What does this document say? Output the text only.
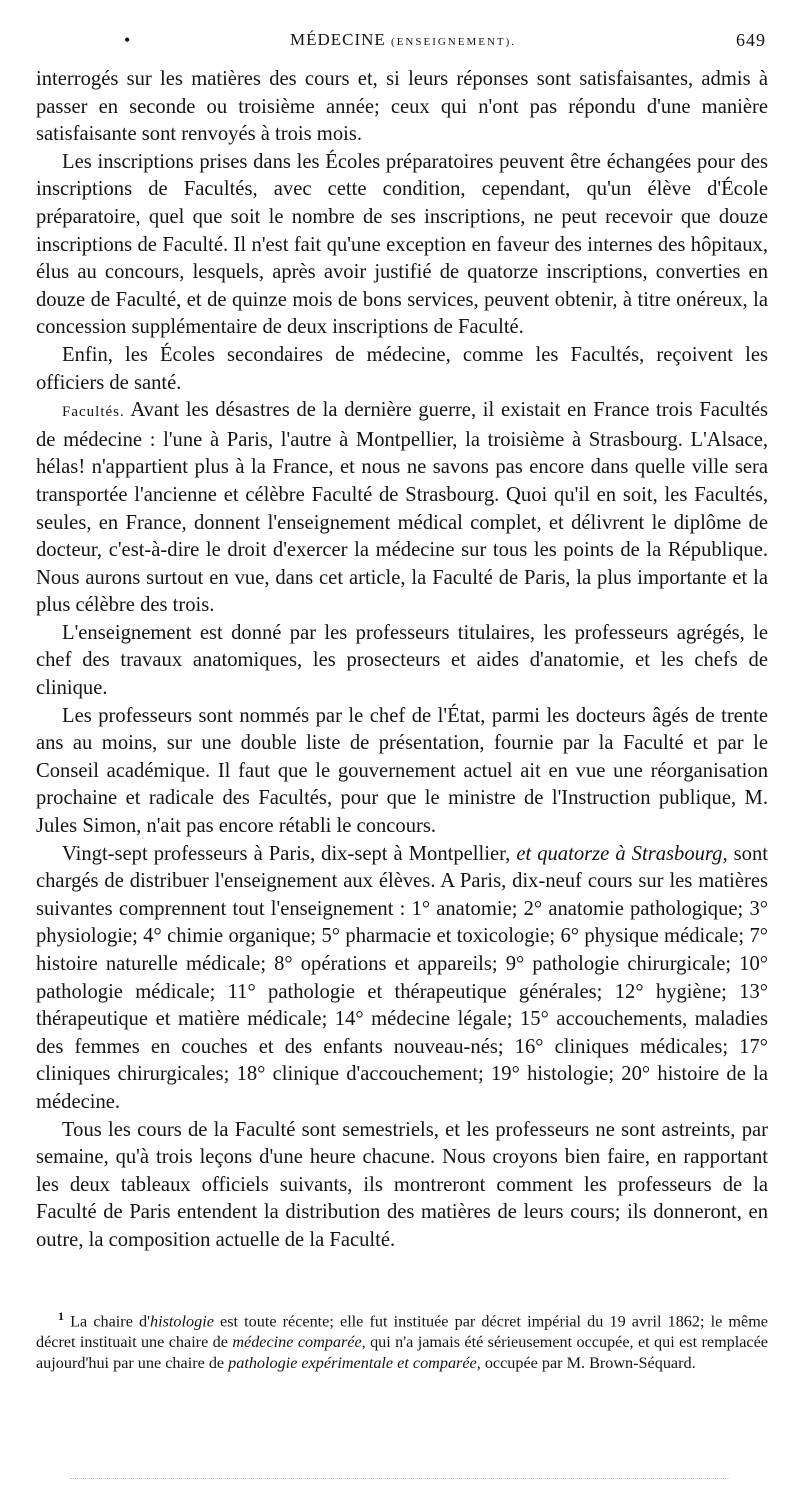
•	MÉDECINE (ENSEIGNEMENT).	649

interrogés sur les matières des cours et, si leurs réponses sont satisfaisantes, admis à passer en seconde ou troisième année; ceux qui n'ont pas répondu d'une manière satisfaisante sont renvoyés à trois mois.

Les inscriptions prises dans les Écoles préparatoires peuvent être échangées pour des inscriptions de Facultés, avec cette condition, cependant, qu'un élève d'École préparatoire, quel que soit le nombre de ses inscriptions, ne peut recevoir que douze inscriptions de Faculté. Il n'est fait qu'une exception en faveur des internes des hôpitaux, élus au concours, lesquels, après avoir justifié de quatorze inscriptions, converties en douze de Faculté, et de quinze mois de bons services, peuvent obtenir, à titre onéreux, la concession supplémentaire de deux inscriptions de Faculté.

Enfin, les Écoles secondaires de médecine, comme les Facultés, reçoivent les officiers de santé.

Facultés. Avant les désastres de la dernière guerre, il existait en France trois Facultés de médecine : l'une à Paris, l'autre à Montpellier, la troisième à Strasbourg. L'Alsace, hélas! n'appartient plus à la France, et nous ne savons pas encore dans quelle ville sera transportée l'ancienne et célèbre Faculté de Strasbourg. Quoi qu'il en soit, les Facultés, seules, en France, donnent l'enseignement médical complet, et délivrent le diplôme de docteur, c'est-à-dire le droit d'exercer la médecine sur tous les points de la République. Nous aurons surtout en vue, dans cet article, la Faculté de Paris, la plus importante et la plus célèbre des trois.

L'enseignement est donné par les professeurs titulaires, les professeurs agrégés, le chef des travaux anatomiques, les prosecteurs et aides d'anatomie, et les chefs de clinique.

Les professeurs sont nommés par le chef de l'État, parmi les docteurs âgés de trente ans au moins, sur une double liste de présentation, fournie par la Faculté et par le Conseil académique. Il faut que le gouvernement actuel ait en vue une réorganisation prochaine et radicale des Facultés, pour que le ministre de l'Instruction publique, M. Jules Simon, n'ait pas encore rétabli le concours.

Vingt-sept professeurs à Paris, dix-sept à Montpellier, et quatorze à Strasbourg, sont chargés de distribuer l'enseignement aux élèves. A Paris, dix-neuf cours sur les matières suivantes comprennent tout l'enseignement : 1° anatomie; 2° anatomie pathologique; 3° physiologie; 4° chimie organique; 5° pharmacie et toxicologie; 6° physique médicale; 7° histoire naturelle médicale; 8° opérations et appareils; 9° pathologie chirurgicale; 10° pathologie médicale; 11° pathologie et thérapeutique générales; 12° hygiène; 13° thérapeutique et matière médicale; 14° médecine légale; 15° accouchements, maladies des femmes en couches et des enfants nouveau-nés; 16° cliniques médicales; 17° cliniques chirurgicales; 18° clinique d'accouchement; 19° histologie; 20° histoire de la médecine.

Tous les cours de la Faculté sont semestriels, et les professeurs ne sont astreints, par semaine, qu'à trois leçons d'une heure chacune. Nous croyons bien faire, en rapportant les deux tableaux officiels suivants, ils montreront comment les professeurs de la Faculté de Paris entendent la distribution des matières de leurs cours; ils donneront, en outre, la composition actuelle de la Faculté.

$^1$ La chaire d'histologie est toute récente; elle fut instituée par décret impérial du 19 avril 1862; le même décret instituait une chaire de médecine comparée, qui n'a jamais été sérieusement occupée, et qui est remplacée aujourd'hui par une chaire de pathologie expérimentale et comparée, occupée par M. Brown-Séquard.
